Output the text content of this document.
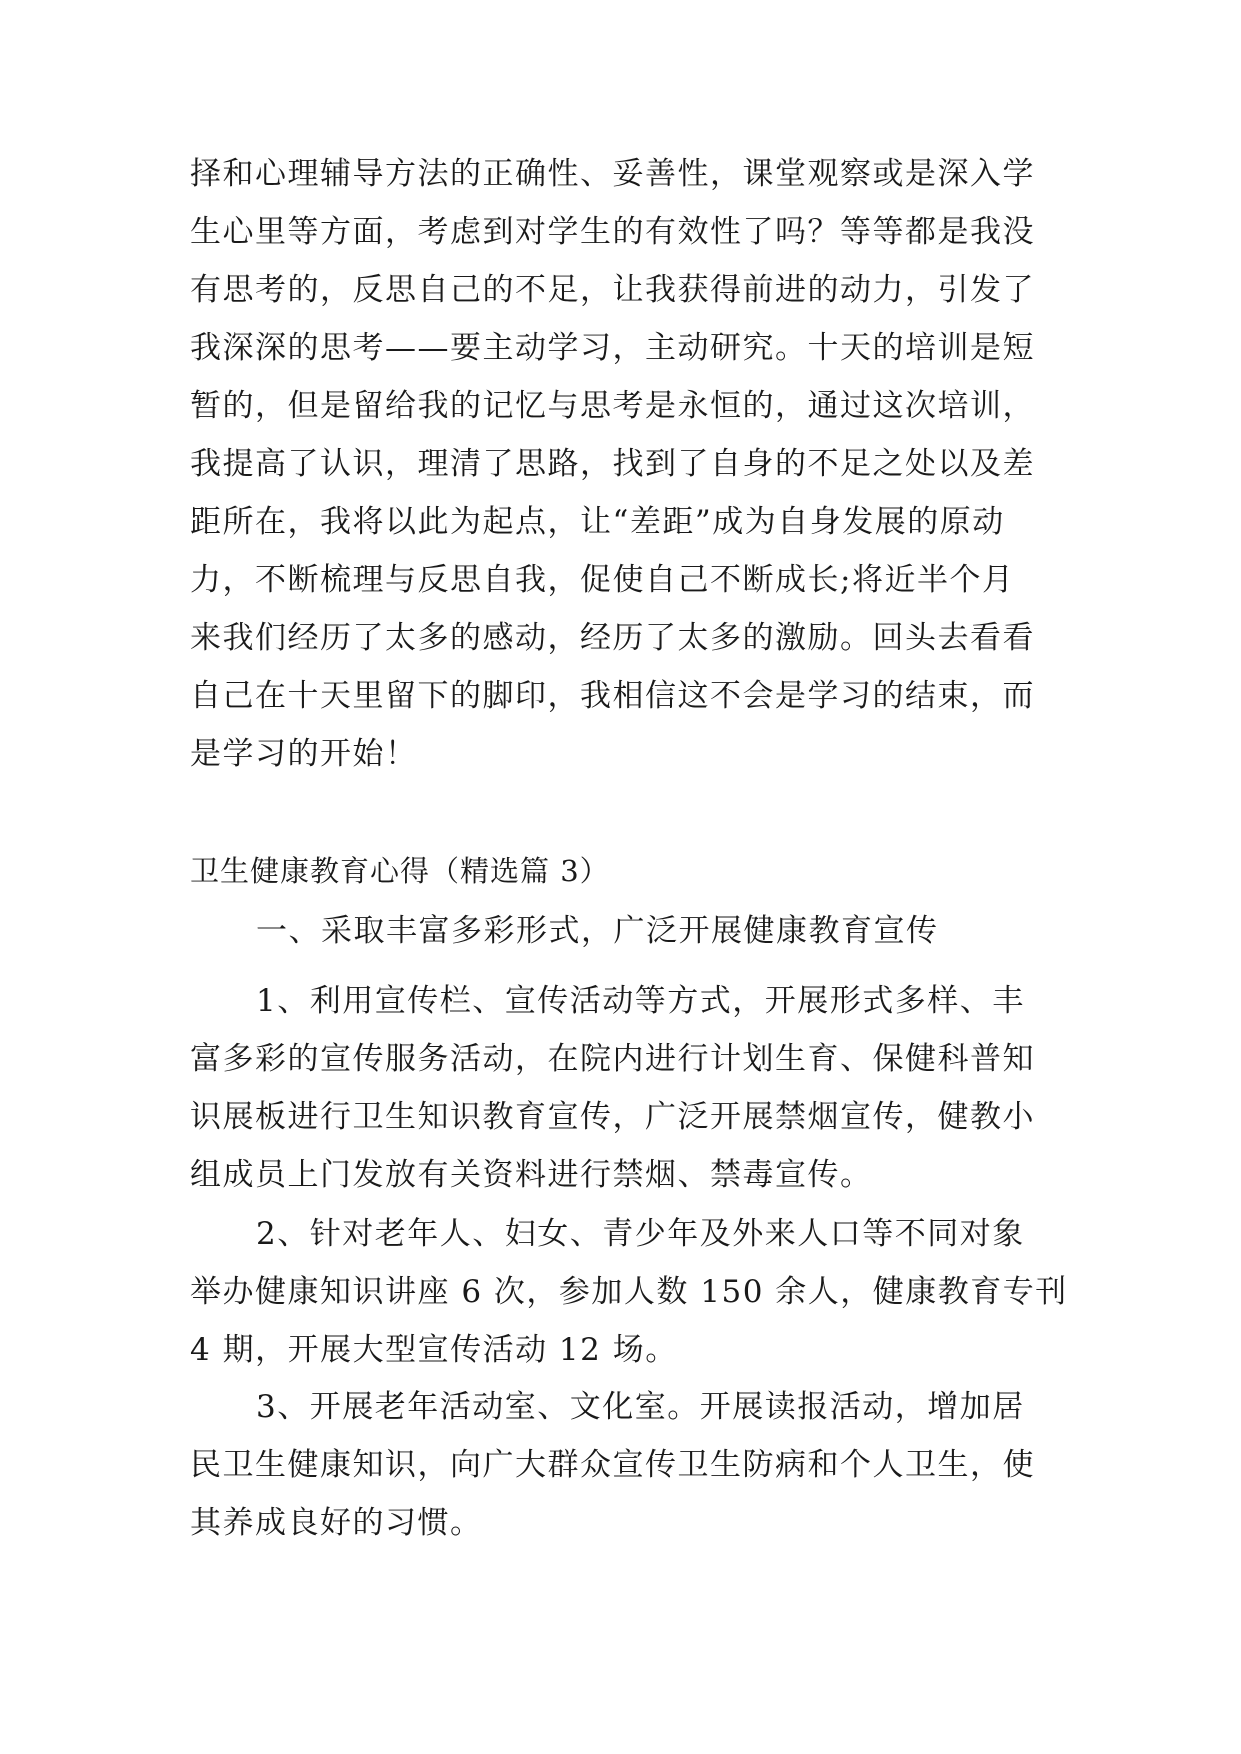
择和心理辅导方法的正确性、妥善性，课堂观察或是深入学
生心里等方面，考虑到对学生的有效性了吗？等等都是我没
有思考的，反思自己的不足，让我获得前进的动力，引发了
我深深的思考——要主动学习，主动研究。十天的培训是短
暂的，但是留给我的记忆与思考是永恒的，通过这次培训，
我提高了认识，理清了思路，找到了自身的不足之处以及差
距所在，我将以此为起点，让“差距”成为自身发展的原动
力，不断梳理与反思自我，促使自己不断成长;将近半个月
来我们经历了太多的感动，经历了太多的激励。回头去看看
自己在十天里留下的脚印，我相信这不会是学习的结束，而
是学习的开始！
卫生健康教育心得（精选篇 3）
一、采取丰富多彩形式，广泛开展健康教育宣传
1、利用宣传栏、宣传活动等方式，开展形式多样、丰
富多彩的宣传服务活动，在院内进行计划生育、保健科普知
识展板进行卫生知识教育宣传，广泛开展禁烟宣传，健教小
组成员上门发放有关资料进行禁烟、禁毒宣传。
2、针对老年人、妇女、青少年及外来人口等不同对象
举办健康知识讲座 6 次，参加人数 150 余人，健康教育专刊
4 期，开展大型宣传活动 12 场。
3、开展老年活动室、文化室。开展读报活动，增加居
民卫生健康知识，向广大群众宣传卫生防病和个人卫生，使
其养成良好的习惯。
